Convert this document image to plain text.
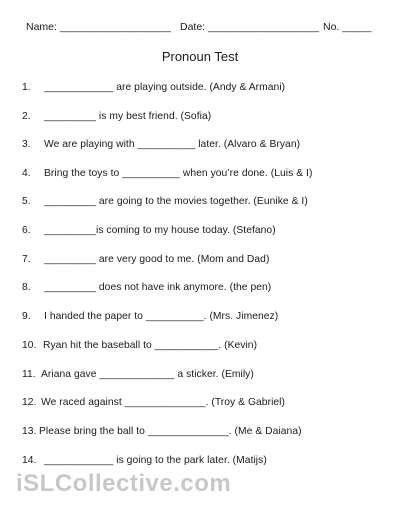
Name: ___________________ Date: ___________________ No. _____
Pronoun Test
1. ____________ are playing outside. (Andy & Armani)
2. _________ is my best friend. (Sofia)
3. We are playing with __________ later. (Alvaro & Bryan)
4. Bring the toys to __________ when you’re done. (Luis & I)
5. _________ are going to the movies together. (Eunike & I)
6. _________is coming to my house today. (Stefano)
7. _________ are very good to me. (Mom and Dad)
8. _________ does not have ink anymore. (the pen)
9. I handed the paper to __________. (Mrs. Jimenez)
10. Ryan hit the baseball to ___________. (Kevin)
11. Ariana gave _____________ a sticker. (Emily)
12. We raced against ______________. (Troy & Gabriel)
13. Please bring the ball to ______________. (Me & Daiana)
14. ____________ is going to the park later. (Matijs)
iSLCollective.com
